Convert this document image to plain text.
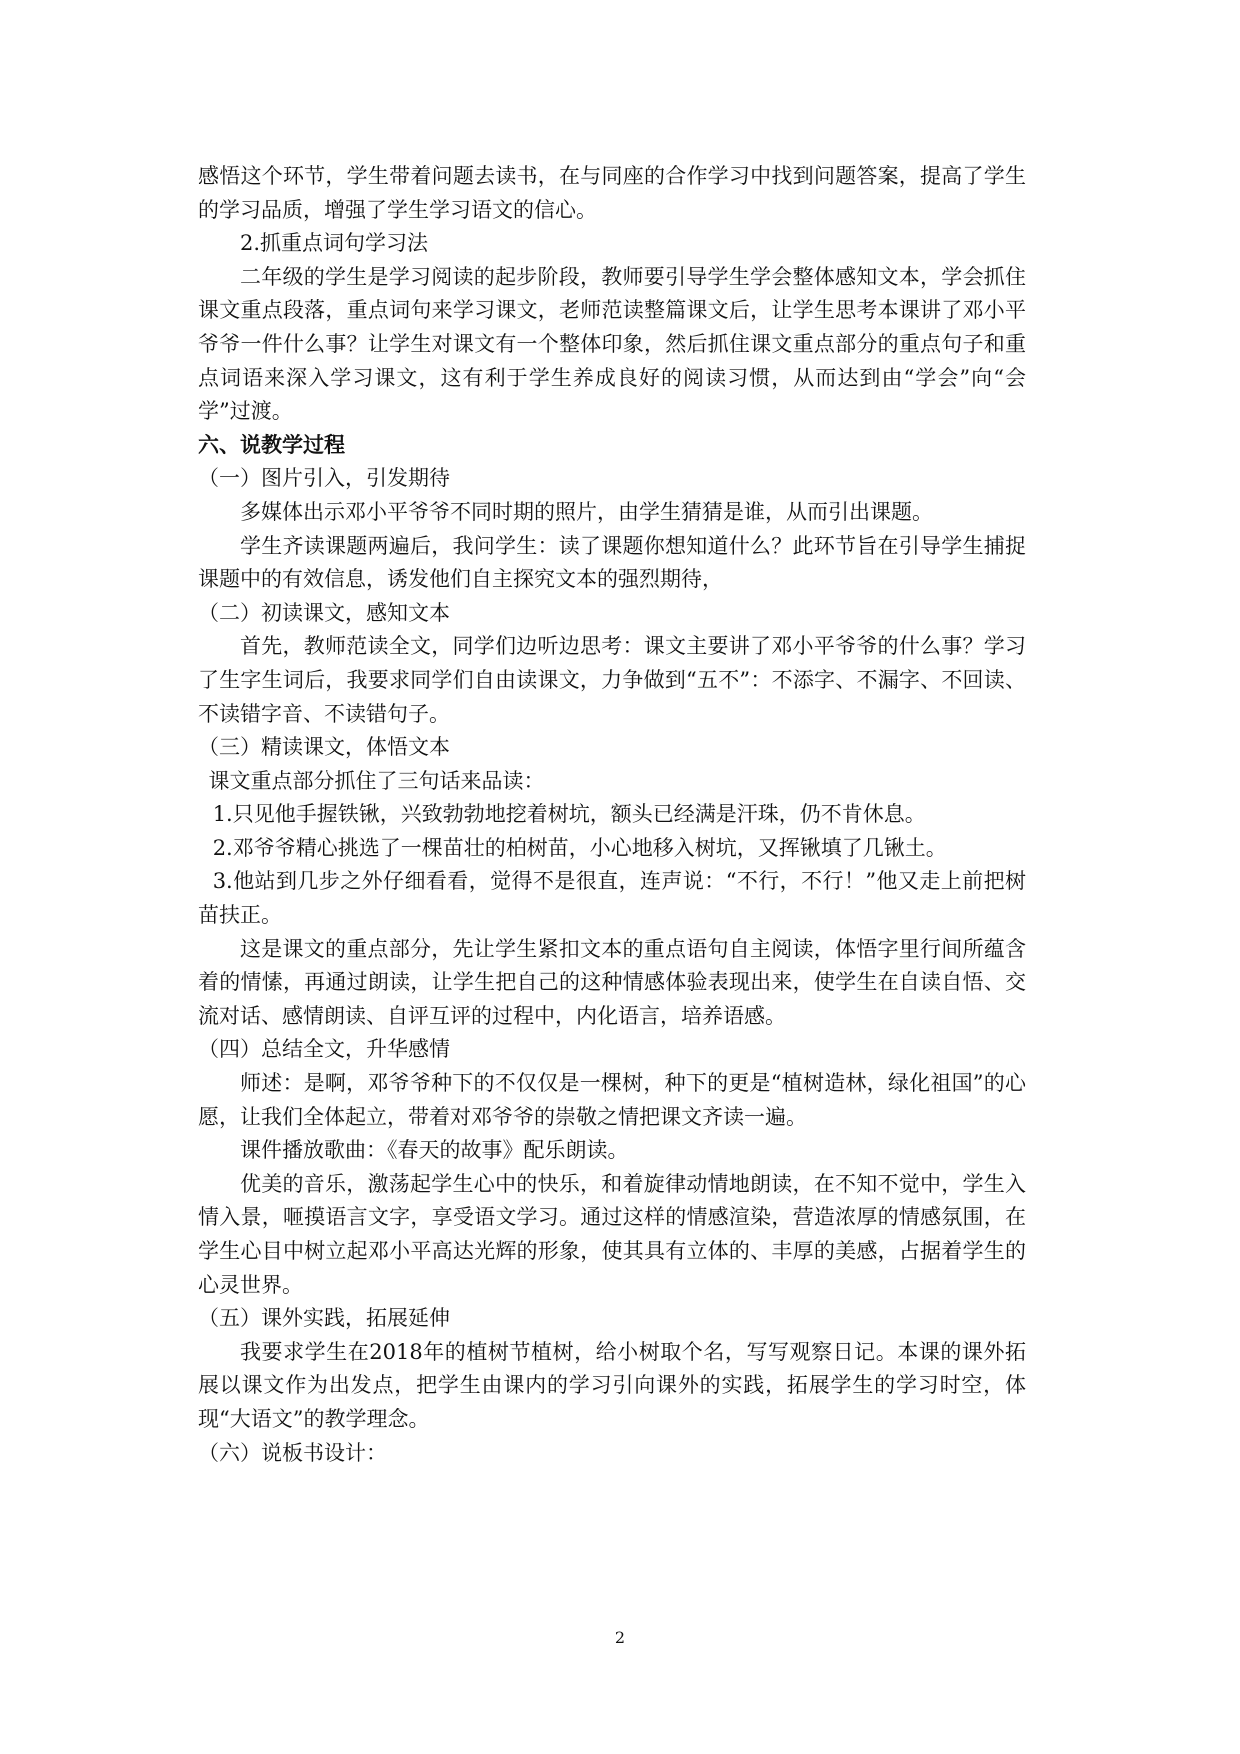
感悟这个环节，学生带着问题去读书，在与同座的合作学习中找到问题答案，提高了学生的学习品质，增强了学生学习语文的信心。

2.抓重点词句学习法

二年级的学生是学习阅读的起步阶段，教师要引导学生学会整体感知文本，学会抓住课文重点段落，重点词句来学习课文，老师范读整篇课文后，让学生思考本课讲了邓小平爷爷一件什么事？让学生对课文有一个整体印象，然后抓住课文重点部分的重点句子和重点词语来深入学习课文，这有利于学生养成良好的阅读习惯，从而达到由“学会”向“会学”过渡。

六、说教学过程

（一）图片引入，引发期待

多媒体出示邓小平爷爷不同时期的照片，由学生猜猜是谁，从而引出课题。

学生齐读课题两遍后，我问学生：读了课题你想知道什么？此环节旨在引导学生捕捉课题中的有效信息，诱发他们自主探究文本的强烈期待，

（二）初读课文，感知文本

首先，教师范读全文，同学们边听边思考：课文主要讲了邓小平爷爷的什么事？学习了生字生词后，我要求同学们自由读课文，力争做到“五不”：不添字、不漏字、不回读、不读错字音、不读错句子。

（三）精读课文，体悟文本

课文重点部分抓住了三句话来品读：

1.只见他手握铁锹，兴致勃勃地挖着树坑，额头已经满是汗珠，仍不肯休息。

2.邓爷爷精心挑选了一棵苗壮的柏树苗，小心地移入树坑，又挥锹填了几锹土。

3.他站到几步之外仔细看看，觉得不是很直，连声说：“不行，不行！”他又走上前把树苗扶正。

这是课文的重点部分，先让学生紧扣文本的重点语句自主阅读，体悟字里行间所蕴含着的情愫，再通过朗读，让学生把自己的这种情感体验表现出来，使学生在自读自悟、交流对话、感情朗读、自评互评的过程中，内化语言，培养语感。

（四）总结全文，升华感情

师述：是啊，邓爷爷种下的不仅仅是一棵树，种下的更是“植树造林，绿化祖国”的心愿，让我们全体起立，带着对邓爷爷的崇敬之情把课文齐读一遍。

课件播放歌曲：《春天的故事》配乐朗读。

优美的音乐，激荡起学生心中的快乐，和着旋律动情地朗读，在不知不觉中，学生入情入景，咂摸语言文字，享受语文学习。通过这样的情感渲染，营造浓厚的情感氛围，在学生心目中树立起邓小平高达光辉的形象，使其具有立体的、丰厚的美感，占据着学生的心灵世界。

（五）课外实践，拓展延伸

我要求学生在2018年的植树节植树，给小树取个名，写写观察日记。本课的课外拓展以课文作为出发点，把学生由课内的学习引向课外的实践，拓展学生的学习时空，体现“大语文”的教学理念。

（六）说板书设计：

2
